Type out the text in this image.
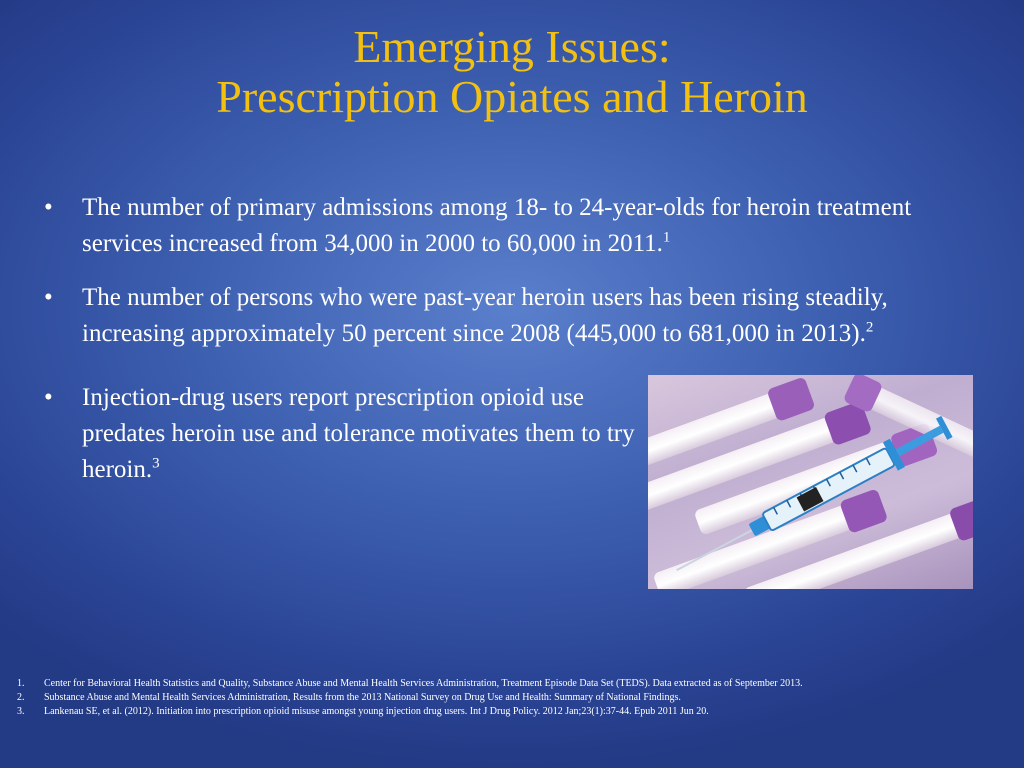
Emerging Issues:
Prescription Opiates and Heroin
• The number of primary admissions among 18- to 24-year-olds for heroin treatment services increased from 34,000 in 2000 to 60,000 in 2011.$^1$
• The number of persons who were past-year heroin users has been rising steadily, increasing approximately 50 percent since 2008 (445,000 to 681,000 in 2013).$^2$
• Injection-drug users report prescription opioid use predates heroin use and tolerance motivates them to try heroin.$^3$
1. Center for Behavioral Health Statistics and Quality, Substance Abuse and Mental Health Services Administration, Treatment Episode Data Set (TEDS). Data extracted as of September 2013.
2. Substance Abuse and Mental Health Services Administration, Results from the 2013 National Survey on Drug Use and Health: Summary of National Findings.
3. Lankenau SE, et al. (2012). Initiation into prescription opioid misuse amongst young injection drug users. Int J Drug Policy. 2012 Jan;23(1):37-44. Epub 2011 Jun 20.
